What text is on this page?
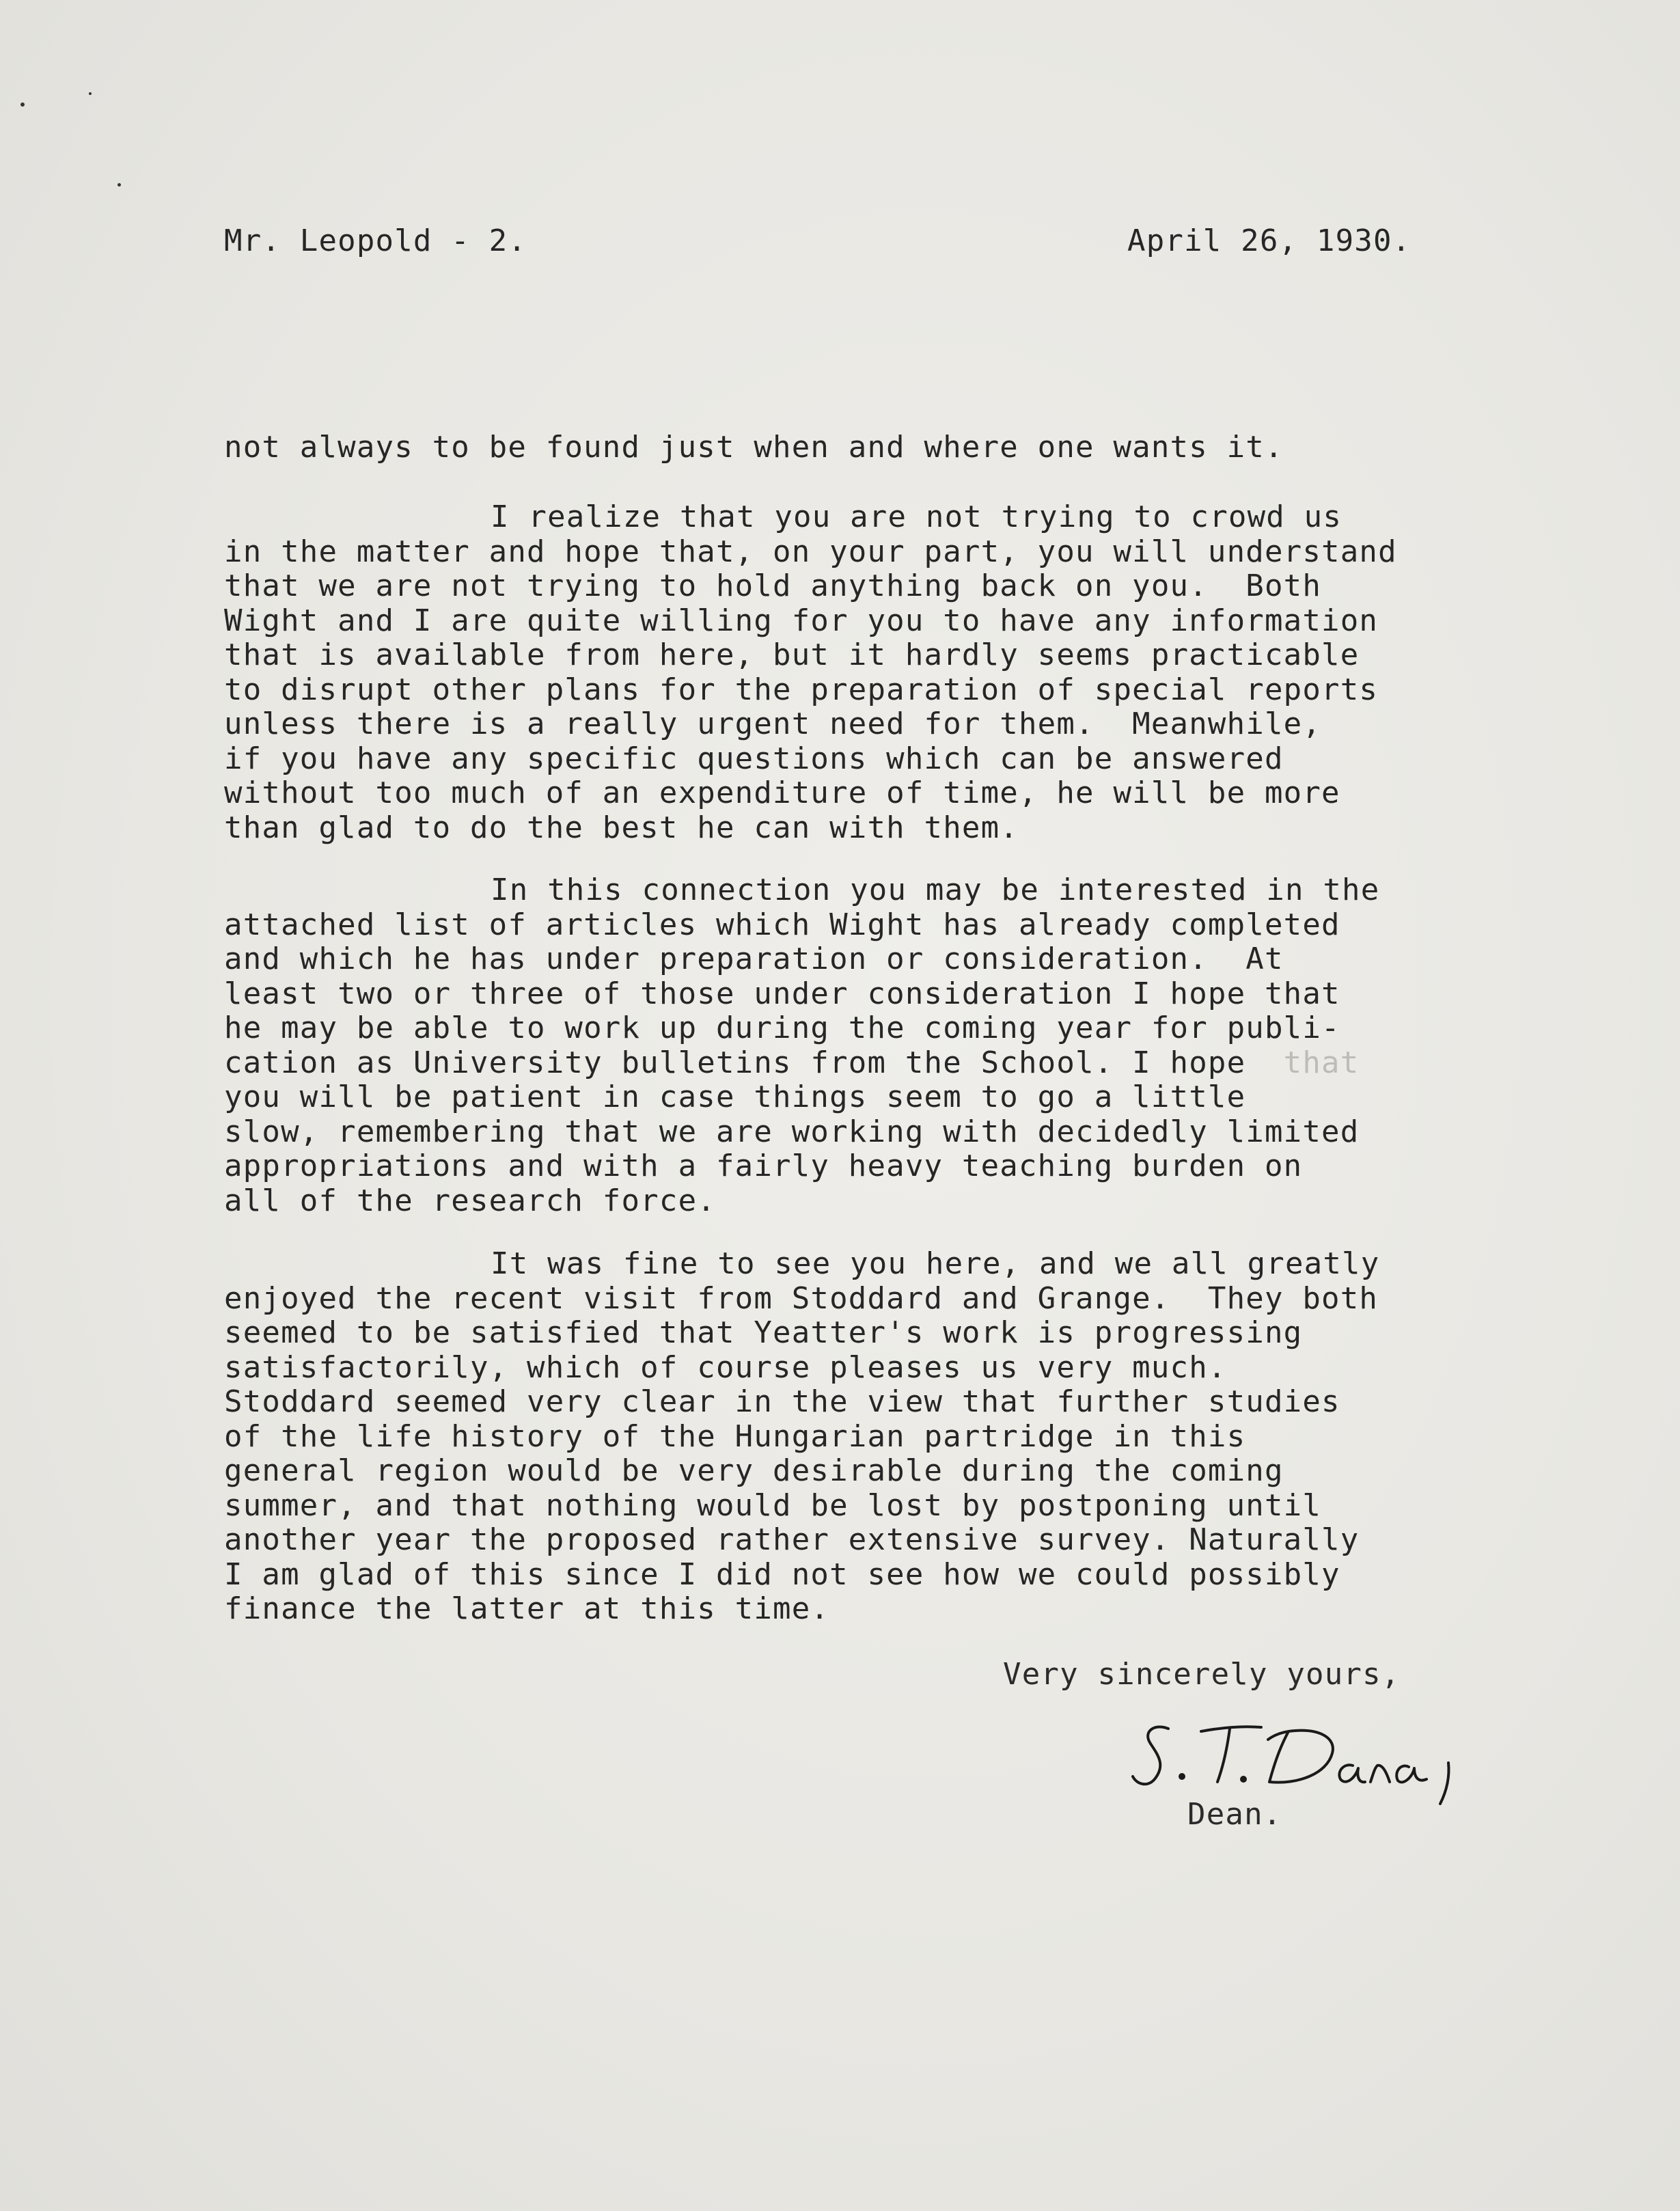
Mr. Leopold - 2.	April 26, 1930.
not always to be found just when and where one wants it.
I realize that you are not trying to crowd us
in the matter and hope that, on your part, you will understand
that we are not trying to hold anything back on you.  Both
Wight and I are quite willing for you to have any information
that is available from here, but it hardly seems practicable
to disrupt other plans for the preparation of special reports
unless there is a really urgent need for them.  Meanwhile,
if you have any specific questions which can be answered
without too much of an expenditure of time, he will be more
than glad to do the best he can with them.
In this connection you may be interested in the
attached list of articles which Wight has already completed
and which he has under preparation or consideration.  At
least two or three of those under consideration I hope that
he may be able to work up during the coming year for publi-
cation as University bulletins from the School. I hope that
you will be patient in case things seem to go a little
slow, remembering that we are working with decidedly limited
appropriations and with a fairly heavy teaching burden on
all of the research force.
It was fine to see you here, and we all greatly
enjoyed the recent visit from Stoddard and Grange.  They both
seemed to be satisfied that Yeatter's work is progressing
satisfactorily, which of course pleases us very much.
Stoddard seemed very clear in the view that further studies
of the life history of the Hungarian partridge in this
general region would be very desirable during the coming
summer, and that nothing would be lost by postponing until
another year the proposed rather extensive survey. Naturally
I am glad of this since I did not see how we could possibly
finance the latter at this time.
Very sincerely yours,
Dean.
